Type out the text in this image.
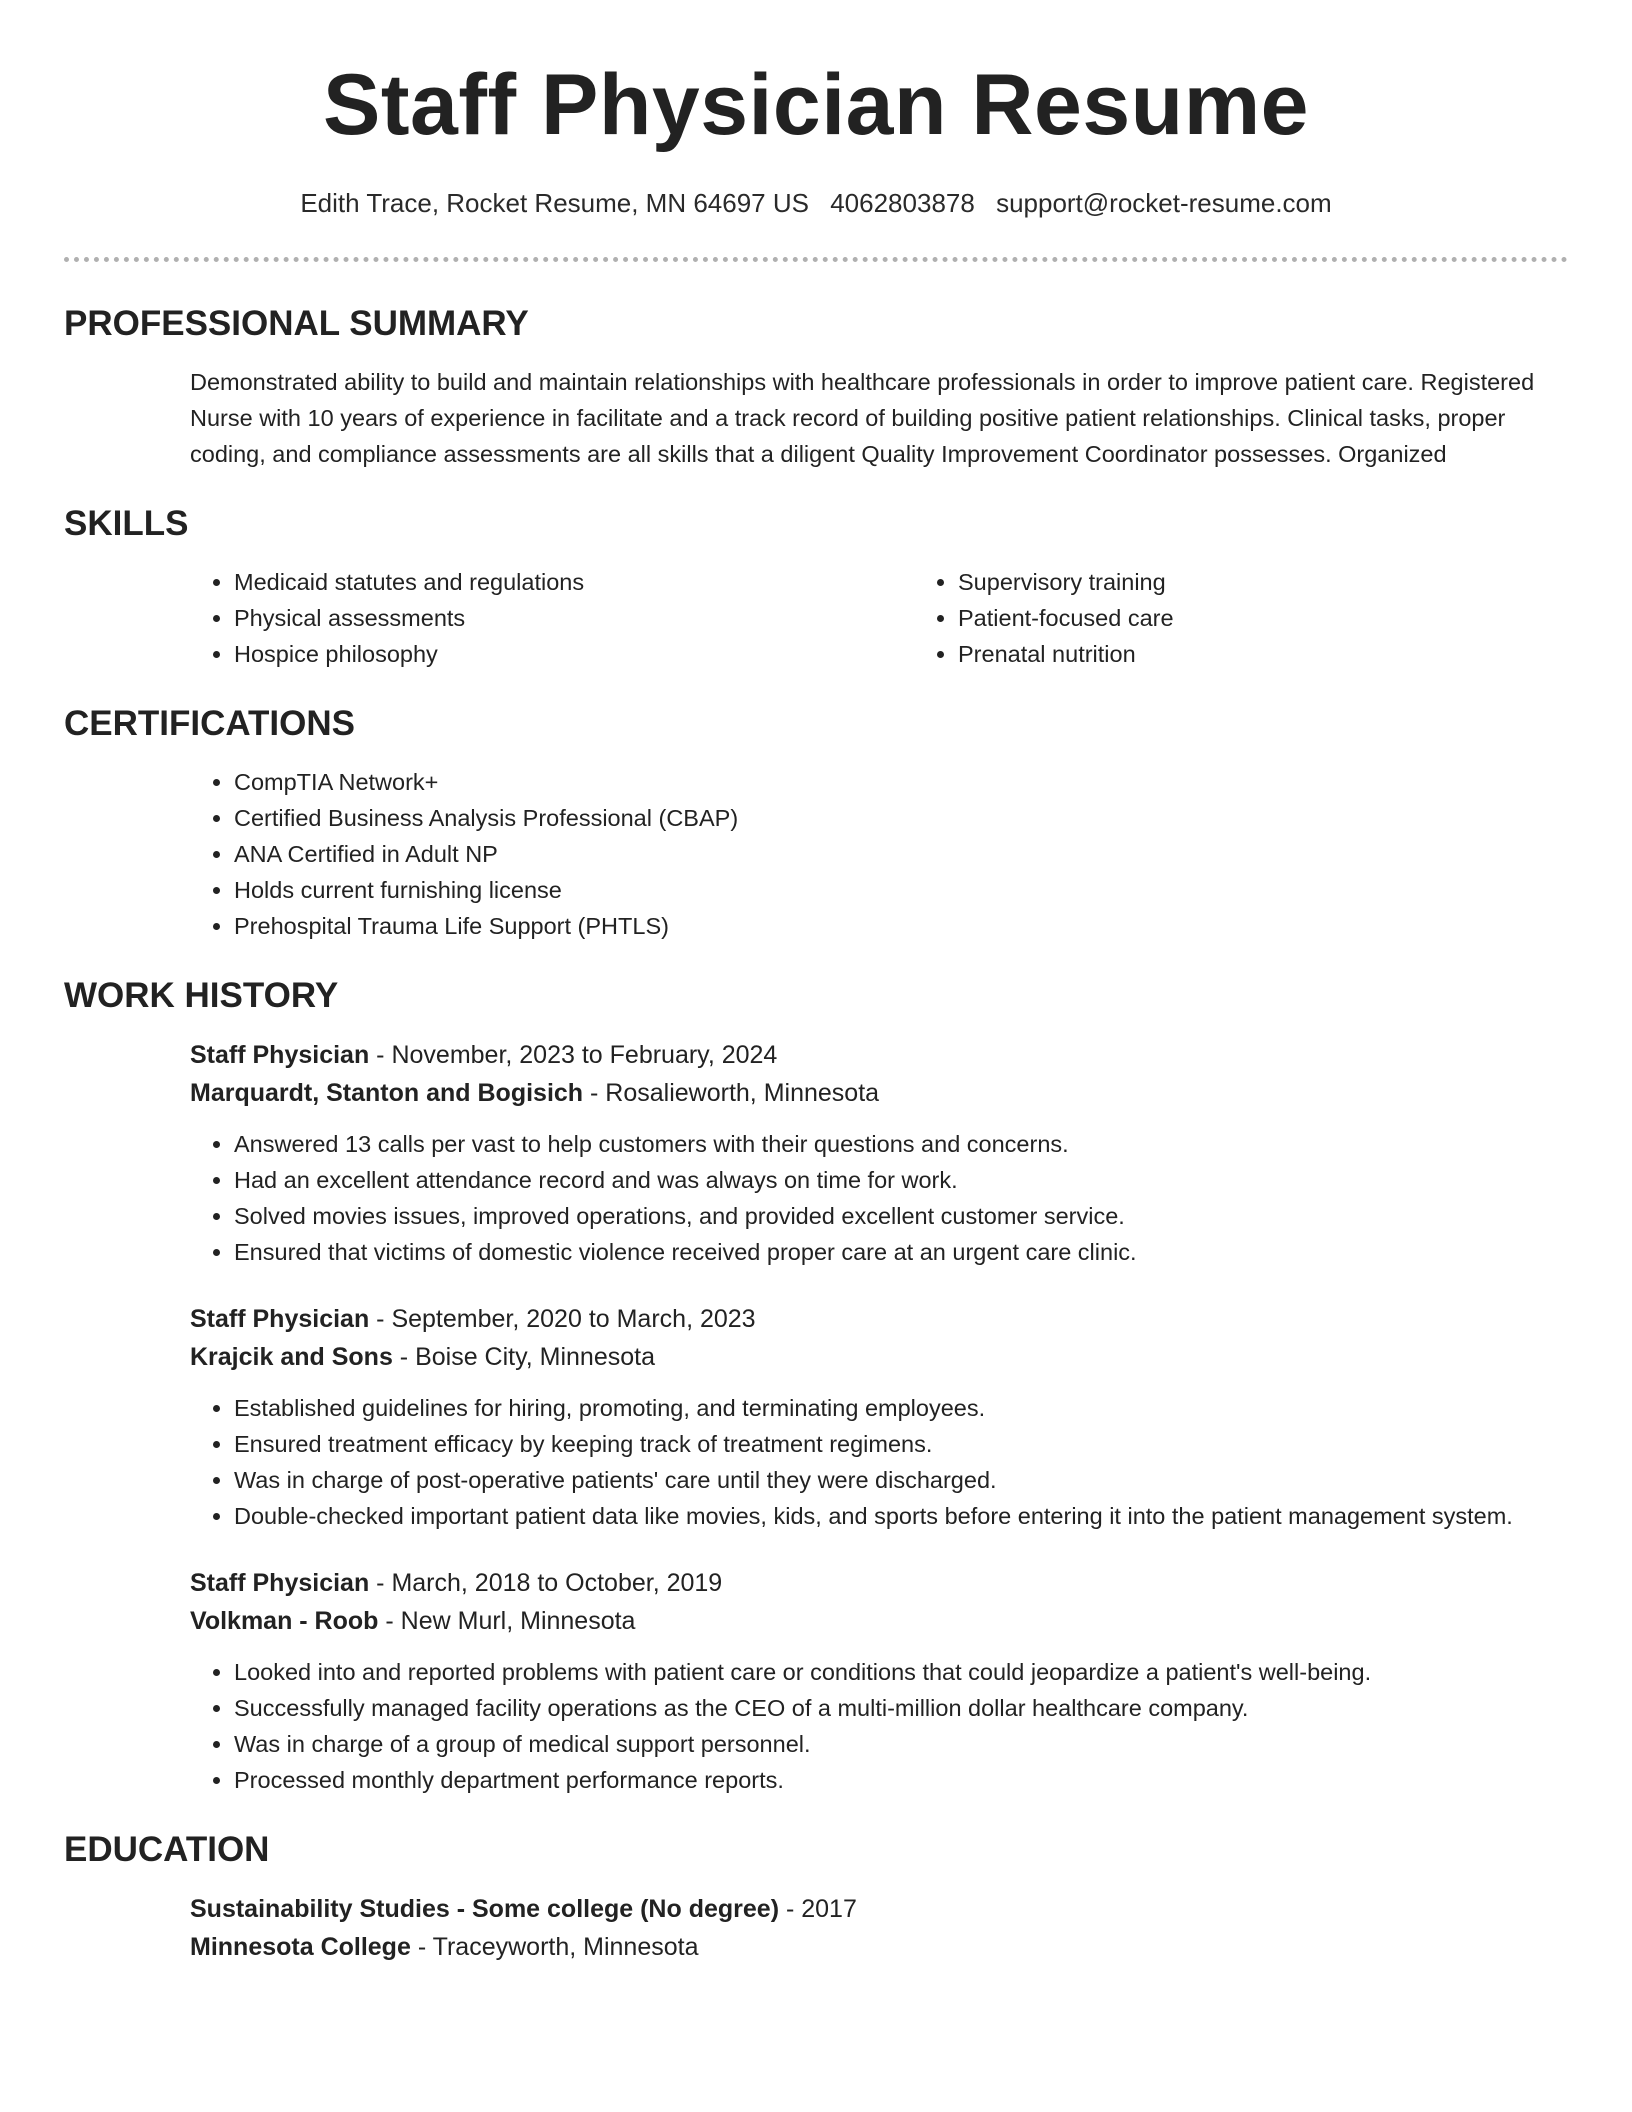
Staff Physician Resume
Edith Trace, Rocket Resume, MN 64697 US 4062803878 support@rocket-resume.com
PROFESSIONAL SUMMARY
Demonstrated ability to build and maintain relationships with healthcare professionals in order to improve patient care. Registered Nurse with 10 years of experience in facilitate and a track record of building positive patient relationships. Clinical tasks, proper coding, and compliance assessments are all skills that a diligent Quality Improvement Coordinator possesses. Organized
SKILLS
• Medicaid statutes and regulations
• Physical assessments
• Hospice philosophy
• Supervisory training
• Patient-focused care
• Prenatal nutrition
CERTIFICATIONS
• CompTIA Network+
• Certified Business Analysis Professional (CBAP)
• ANA Certified in Adult NP
• Holds current furnishing license
• Prehospital Trauma Life Support (PHTLS)
WORK HISTORY
Staff Physician - November, 2023 to February, 2024
Marquardt, Stanton and Bogisich - Rosalieworth, Minnesota
• Answered 13 calls per vast to help customers with their questions and concerns.
• Had an excellent attendance record and was always on time for work.
• Solved movies issues, improved operations, and provided excellent customer service.
• Ensured that victims of domestic violence received proper care at an urgent care clinic.
Staff Physician - September, 2020 to March, 2023
Krajcik and Sons - Boise City, Minnesota
• Established guidelines for hiring, promoting, and terminating employees.
• Ensured treatment efficacy by keeping track of treatment regimens.
• Was in charge of post-operative patients' care until they were discharged.
• Double-checked important patient data like movies, kids, and sports before entering it into the patient management system.
Staff Physician - March, 2018 to October, 2019
Volkman - Roob - New Murl, Minnesota
• Looked into and reported problems with patient care or conditions that could jeopardize a patient's well-being.
• Successfully managed facility operations as the CEO of a multi-million dollar healthcare company.
• Was in charge of a group of medical support personnel.
• Processed monthly department performance reports.
EDUCATION
Sustainability Studies - Some college (No degree) - 2017
Minnesota College - Traceyworth, Minnesota
